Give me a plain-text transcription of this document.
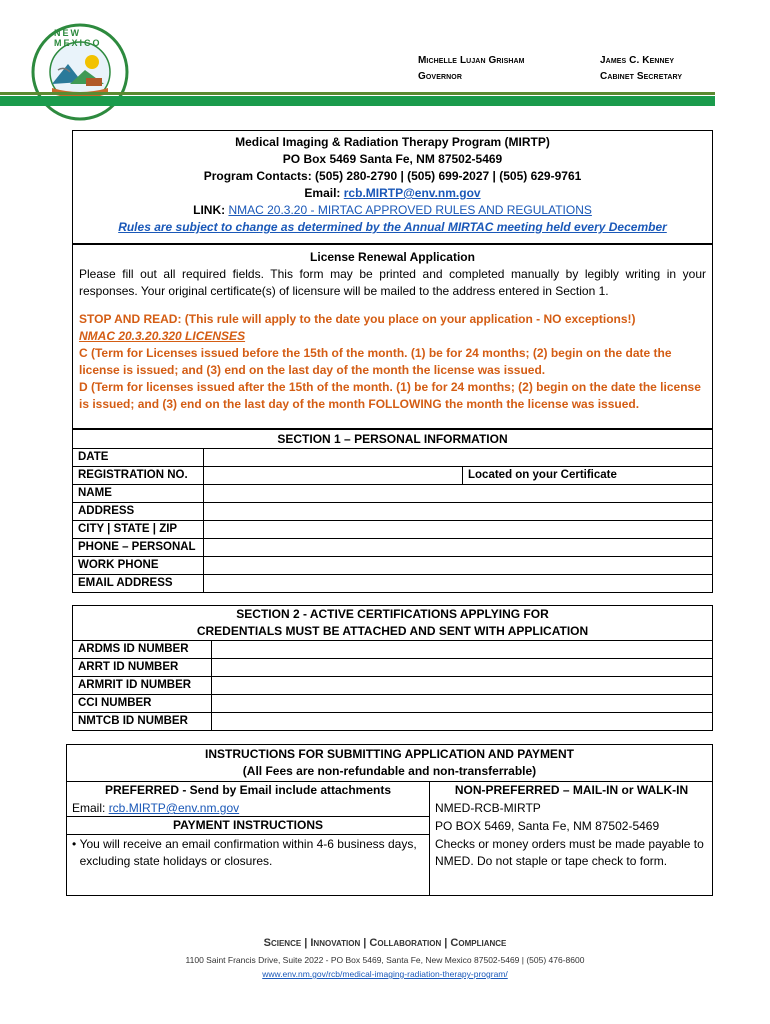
NEW MEXICO
Michelle Lujan Grisham
Governor
James C. Kenney
Cabinet Secretary
Medical Imaging & Radiation Therapy Program (MIRTP)
PO Box 5469 Santa Fe, NM 87502-5469
Program Contacts: (505) 280-2790 | (505) 699-2027 | (505) 629-9761
Email: rcb.MIRTP@env.nm.gov
LINK: NMAC 20.3.20 - MIRTAC APPROVED RULES AND REGULATIONS
Rules are subject to change as determined by the Annual MIRTAC meeting held every December
License Renewal Application
Please fill out all required fields. This form may be printed and completed manually by legibly writing in your responses. Your original certificate(s) of licensure will be mailed to the address entered in Section 1.
STOP AND READ: (This rule will apply to the date you place on your application - NO exceptions!)
NMAC 20.3.20.320 LICENSES
C (Term for Licenses issued before the 15th of the month. (1) be for 24 months; (2) begin on the date the license is issued; and (3) end on the last day of the month the license was issued.
D (Term for licenses issued after the 15th of the month. (1) be for 24 months; (2) begin on the date the license is issued; and (3) end on the last day of the month FOLLOWING the month the license was issued.
SECTION 1 – PERSONAL INFORMATION
DATE		
REGISTRATION NO.		Located on your Certificate
NAME		
ADDRESS		
CITY | STATE | ZIP		
PHONE – PERSONAL		
WORK PHONE		
EMAIL ADDRESS		
SECTION 2 - ACTIVE CERTIFICATIONS APPLYING FOR
CREDENTIALS MUST BE ATTACHED AND SENT WITH APPLICATION
ARDMS ID NUMBER	
ARRT ID NUMBER	
ARMRIT ID NUMBER	
CCI NUMBER	
NMTCB ID NUMBER	
INSTRUCTIONS FOR SUBMITTING APPLICATION AND PAYMENT
(All Fees are non-refundable and non-transferrable)
PREFERRED - Send by Email include attachments
Email: rcb.MIRTP@env.nm.gov
PAYMENT INSTRUCTIONS
• You will receive an email confirmation within 4-6 business days, excluding state holidays or closures.
NON-PREFERRED – MAIL-IN or WALK-IN
NMED-RCB-MIRTP
PO BOX 5469, Santa Fe, NM 87502-5469
Checks or money orders must be made payable to NMED. Do not staple or tape check to form.
Science | Innovation | Collaboration | Compliance
1100 Saint Francis Drive, Suite 2022 - PO Box 5469, Santa Fe, New Mexico 87502-5469 | (505) 476-8600
www.env.nm.gov/rcb/medical-imaging-radiation-therapy-program/
